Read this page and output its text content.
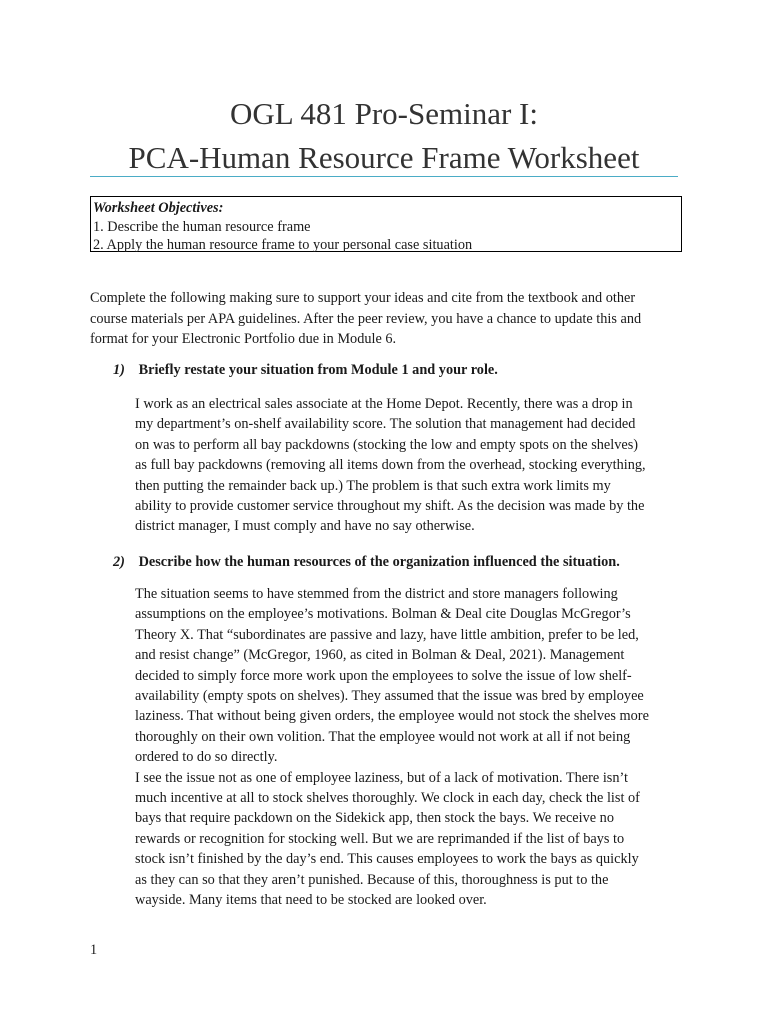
OGL 481 Pro-Seminar I:
PCA-Human Resource Frame Worksheet
Worksheet Objectives:
1. Describe the human resource frame
2. Apply the human resource frame to your personal case situation
Complete the following making sure to support your ideas and cite from the textbook and other
course materials per APA guidelines. After the peer review, you have a chance to update this and
format for your Electronic Portfolio due in Module 6.
1) Briefly restate your situation from Module 1 and your role.
I work as an electrical sales associate at the Home Depot. Recently, there was a drop in
my department’s on-shelf availability score. The solution that management had decided
on was to perform all bay packdowns (stocking the low and empty spots on the shelves)
as full bay packdowns (removing all items down from the overhead, stocking everything,
then putting the remainder back up.) The problem is that such extra work limits my
ability to provide customer service throughout my shift. As the decision was made by the
district manager, I must comply and have no say otherwise.
2) Describe how the human resources of the organization influenced the situation.
The situation seems to have stemmed from the district and store managers following
assumptions on the employee’s motivations. Bolman & Deal cite Douglas McGregor’s
Theory X. That “subordinates are passive and lazy, have little ambition, prefer to be led,
and resist change” (McGregor, 1960, as cited in Bolman & Deal, 2021). Management
decided to simply force more work upon the employees to solve the issue of low shelf-
availability (empty spots on shelves). They assumed that the issue was bred by employee
laziness. That without being given orders, the employee would not stock the shelves more
thoroughly on their own volition. That the employee would not work at all if not being
ordered to do so directly.
I see the issue not as one of employee laziness, but of a lack of motivation. There isn’t
much incentive at all to stock shelves thoroughly. We clock in each day, check the list of
bays that require packdown on the Sidekick app, then stock the bays. We receive no
rewards or recognition for stocking well. But we are reprimanded if the list of bays to
stock isn’t finished by the day’s end. This causes employees to work the bays as quickly
as they can so that they aren’t punished. Because of this, thoroughness is put to the
wayside. Many items that need to be stocked are looked over.
1
